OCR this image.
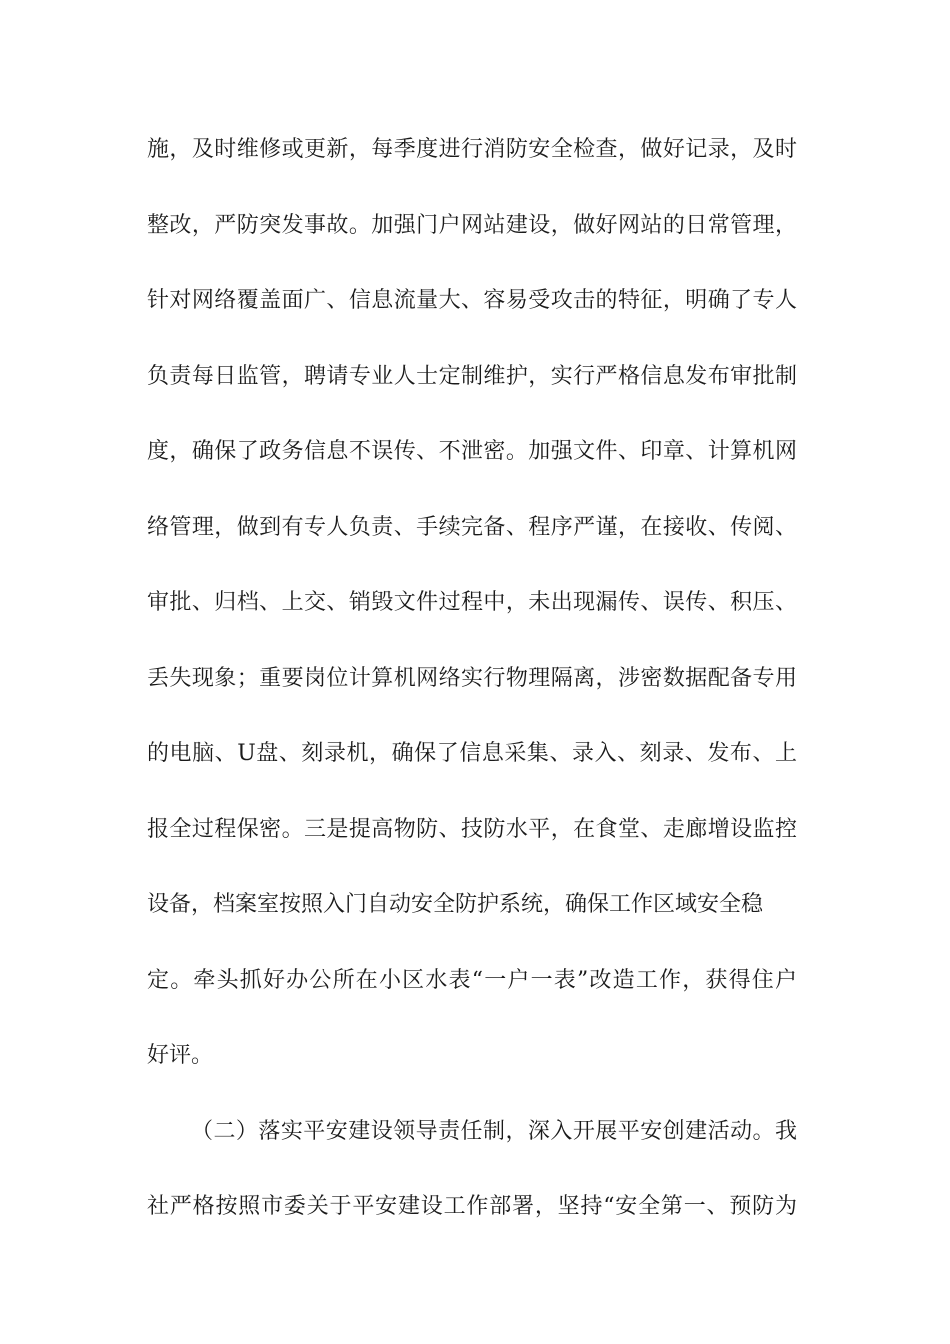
施，及时维修或更新，每季度进行消防安全检查，做好记录，及时
整改，严防突发事故。加强门户网站建设，做好网站的日常管理，
针对网络覆盖面广、信息流量大、容易受攻击的特征，明确了专人
负责每日监管，聘请专业人士定制维护，实行严格信息发布审批制
度，确保了政务信息不误传、不泄密。加强文件、印章、计算机网
络管理，做到有专人负责、手续完备、程序严谨，在接收、传阅、
审批、归档、上交、销毁文件过程中，未出现漏传、误传、积压、
丢失现象；重要岗位计算机网络实行物理隔离，涉密数据配备专用
的电脑、U盘、刻录机，确保了信息采集、录入、刻录、发布、上
报全过程保密。三是提高物防、技防水平，在食堂、走廊增设监控
设备，档案室按照入门自动安全防护系统，确保工作区域安全稳
定。牵头抓好办公所在小区水表“一户一表”改造工作，获得住户
好评。
（二）落实平安建设领导责任制，深入开展平安创建活动。我
社严格按照市委关于平安建设工作部署，坚持“安全第一、预防为
